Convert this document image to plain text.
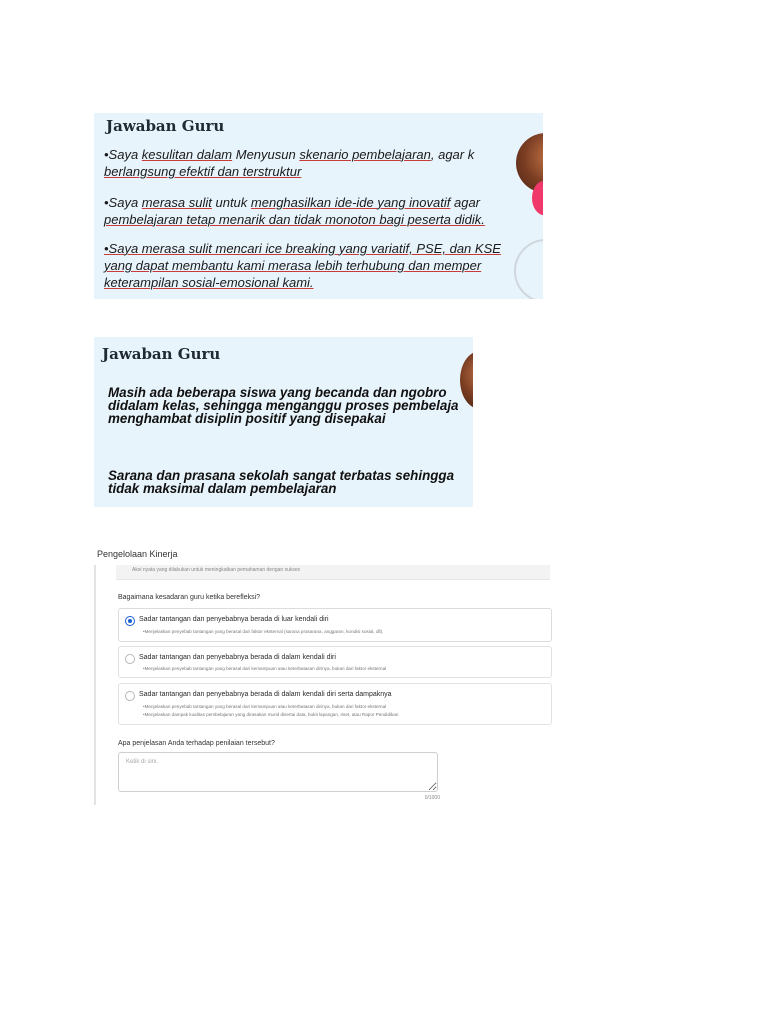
Jawaban Guru
•Saya kesulitan dalam Menyusun skenario pembelajaran, agar k
berlangsung efektif dan terstruktur
•Saya merasa sulit untuk menghasilkan ide-ide yang inovatif agar
pembelajaran tetap menarik dan tidak monoton bagi peserta didik.
•Saya merasa sulit mencari ice breaking yang variatif, PSE, dan KSE
yang dapat membantu kami merasa lebih terhubung dan memper
keterampilan sosial-emosional kami.
Jawaban Guru
Masih ada beberapa siswa yang becanda dan ngobro
didalam kelas, sehingga menganggu proses pembelaja
menghambat disiplin positif yang disepakai
Sarana dan prasana sekolah sangat terbatas sehingga
tidak maksimal dalam pembelajaran
Pengelolaan Kinerja
Aksi nyata yang dilakukan untuk meningkatkan pemahaman dengan sukses
Bagaimana kesadaran guru ketika berefleksi?
Sadar tantangan dan penyebabnya berada di luar kendali diri
• Menjelaskan penyebab tantangan yang berasal dari faktor eksternal (sarana prasarana, anggaran, kondisi sosial, dll).
Sadar tantangan dan penyebabnya berada di dalam kendali diri
• Menjelaskan penyebab tantangan yang berasal dari kemampuan atau keterbatasan dirinya, bukan dari faktor eksternal
Sadar tantangan dan penyebabnya berada di dalam kendali diri serta dampaknya
• Menjelaskan penyebab tantangan yang berasal dari kemampuan atau keterbatasan dirinya, bukan dari faktor eksternal
• Menjelaskan dampak kualitas pembelajaran yang dirasakan murid disertai data, bukti lapangan, riset, atau Rapor Pendidikan
Apa penjelasan Anda terhadap penilaian tersebut?
Ketik di sini.
0/1000
